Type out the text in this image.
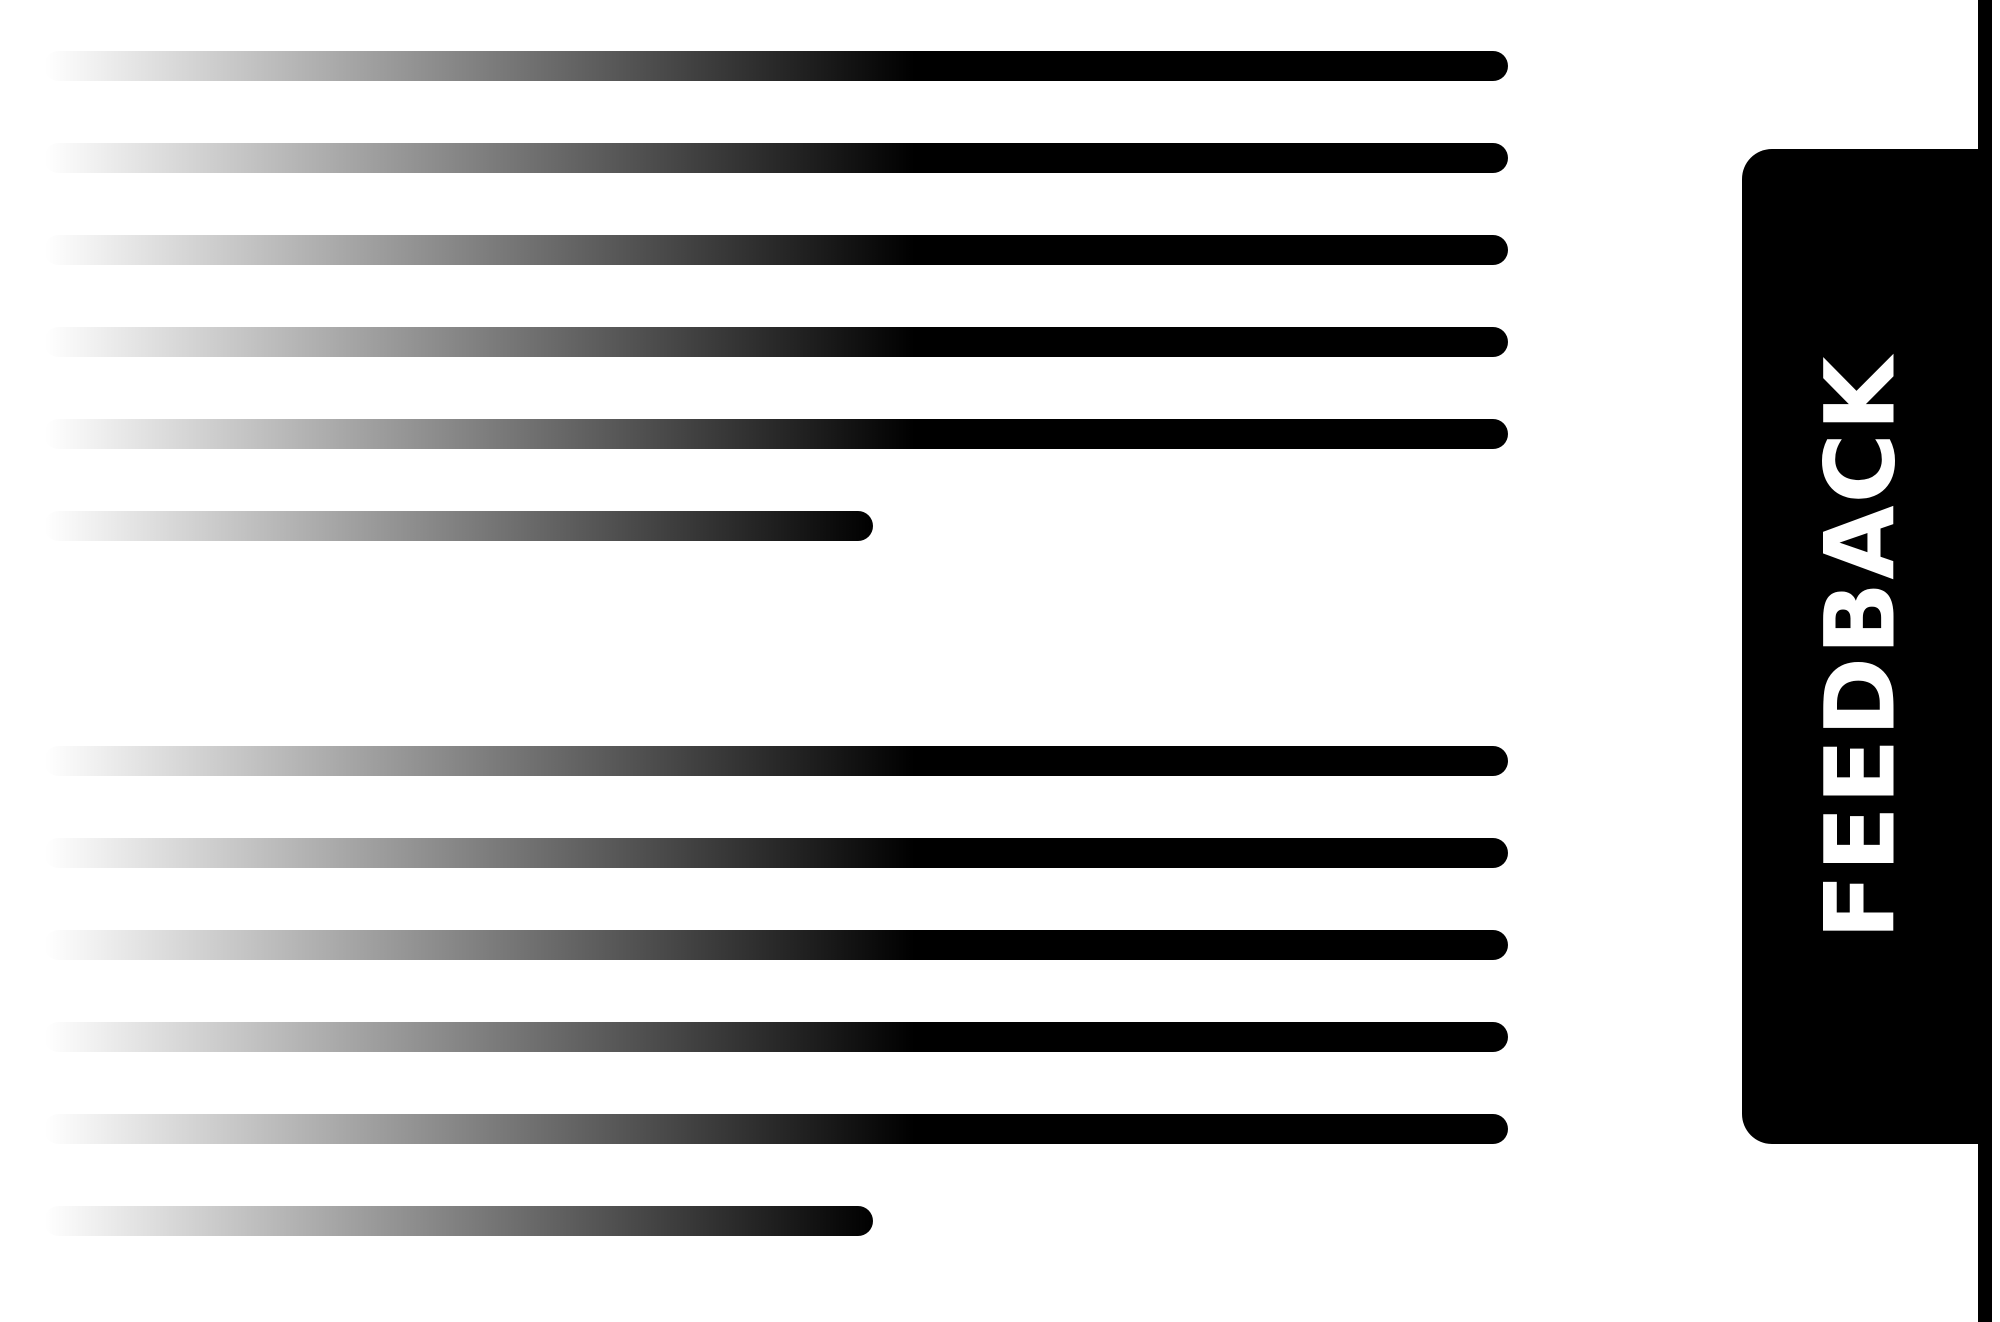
FEEDBACK
